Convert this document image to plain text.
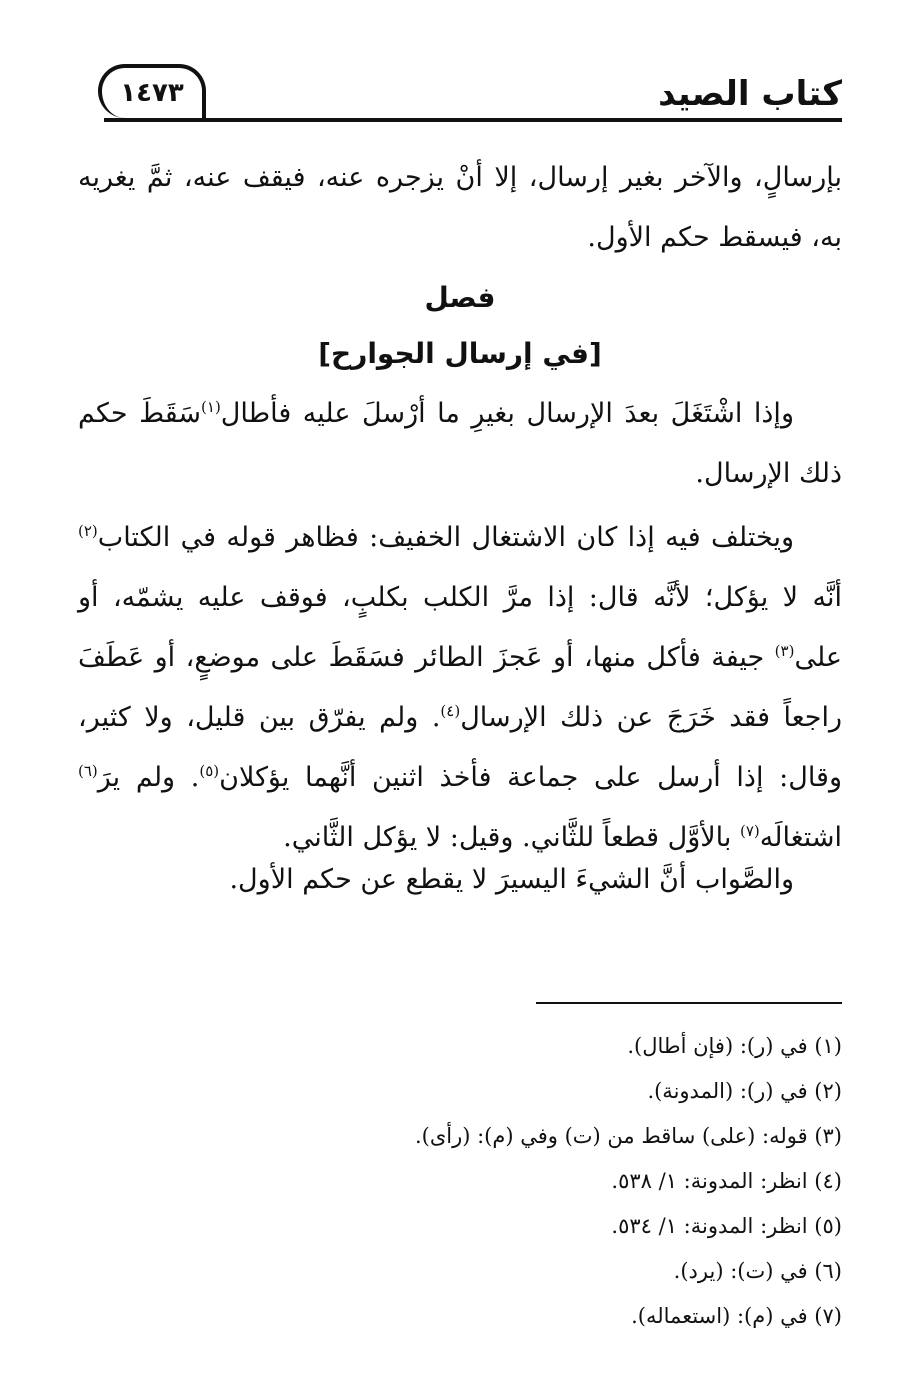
كتاب الصيد
١٤٧٣

بإرسالٍ، والآخر بغير إرسال، إلا أنْ يزجره عنه، فيقف عنه، ثمَّ يغريه به، فيسقط حكم الأول.

فصل
[في إرسال الجوارح]

وإذا اشْتَغَلَ بعدَ الإرسال بغيرِ ما أرْسلَ عليه فأطال$^{(١)}$سَقَطَ حكم ذلك الإرسال.

ويختلف فيه إذا كان الاشتغال الخفيف: فظاهر قوله في الكتاب$^{(٢)}$ أنَّه لا يؤكل؛ لأنَّه قال: إذا مرَّ الكلب بكلبٍ، فوقف عليه يشمّه، أو على$^{(٣)}$ جيفة فأكل منها، أو عَجزَ الطائر فسَقَطَ على موضعٍ، أو عَطَفَ راجعاً فقد خَرَجَ عن ذلك الإرسال$^{(٤)}$. ولم يفرّق بين قليل، ولا كثير، وقال: إذا أرسل على جماعة فأخذ اثنين أنَّهما يؤكلان$^{(٥)}$. ولم يرَ$^{(٦)}$ اشتغالَه$^{(٧)}$ بالأوَّل قطعاً للثَّاني. وقيل: لا يؤكل الثَّاني.

والصَّواب أنَّ الشيءَ اليسيرَ لا يقطع عن حكم الأول.

(١) في (ر): (فإن أطال).
(٢) في (ر): (المدونة).
(٣) قوله: (على) ساقط من (ت) وفي (م): (رأى).
(٤) انظر: المدونة: ١/ ٥٣٨.
(٥) انظر: المدونة: ١/ ٥٣٤.
(٦) في (ت): (يرد).
(٧) في (م): (استعماله).
